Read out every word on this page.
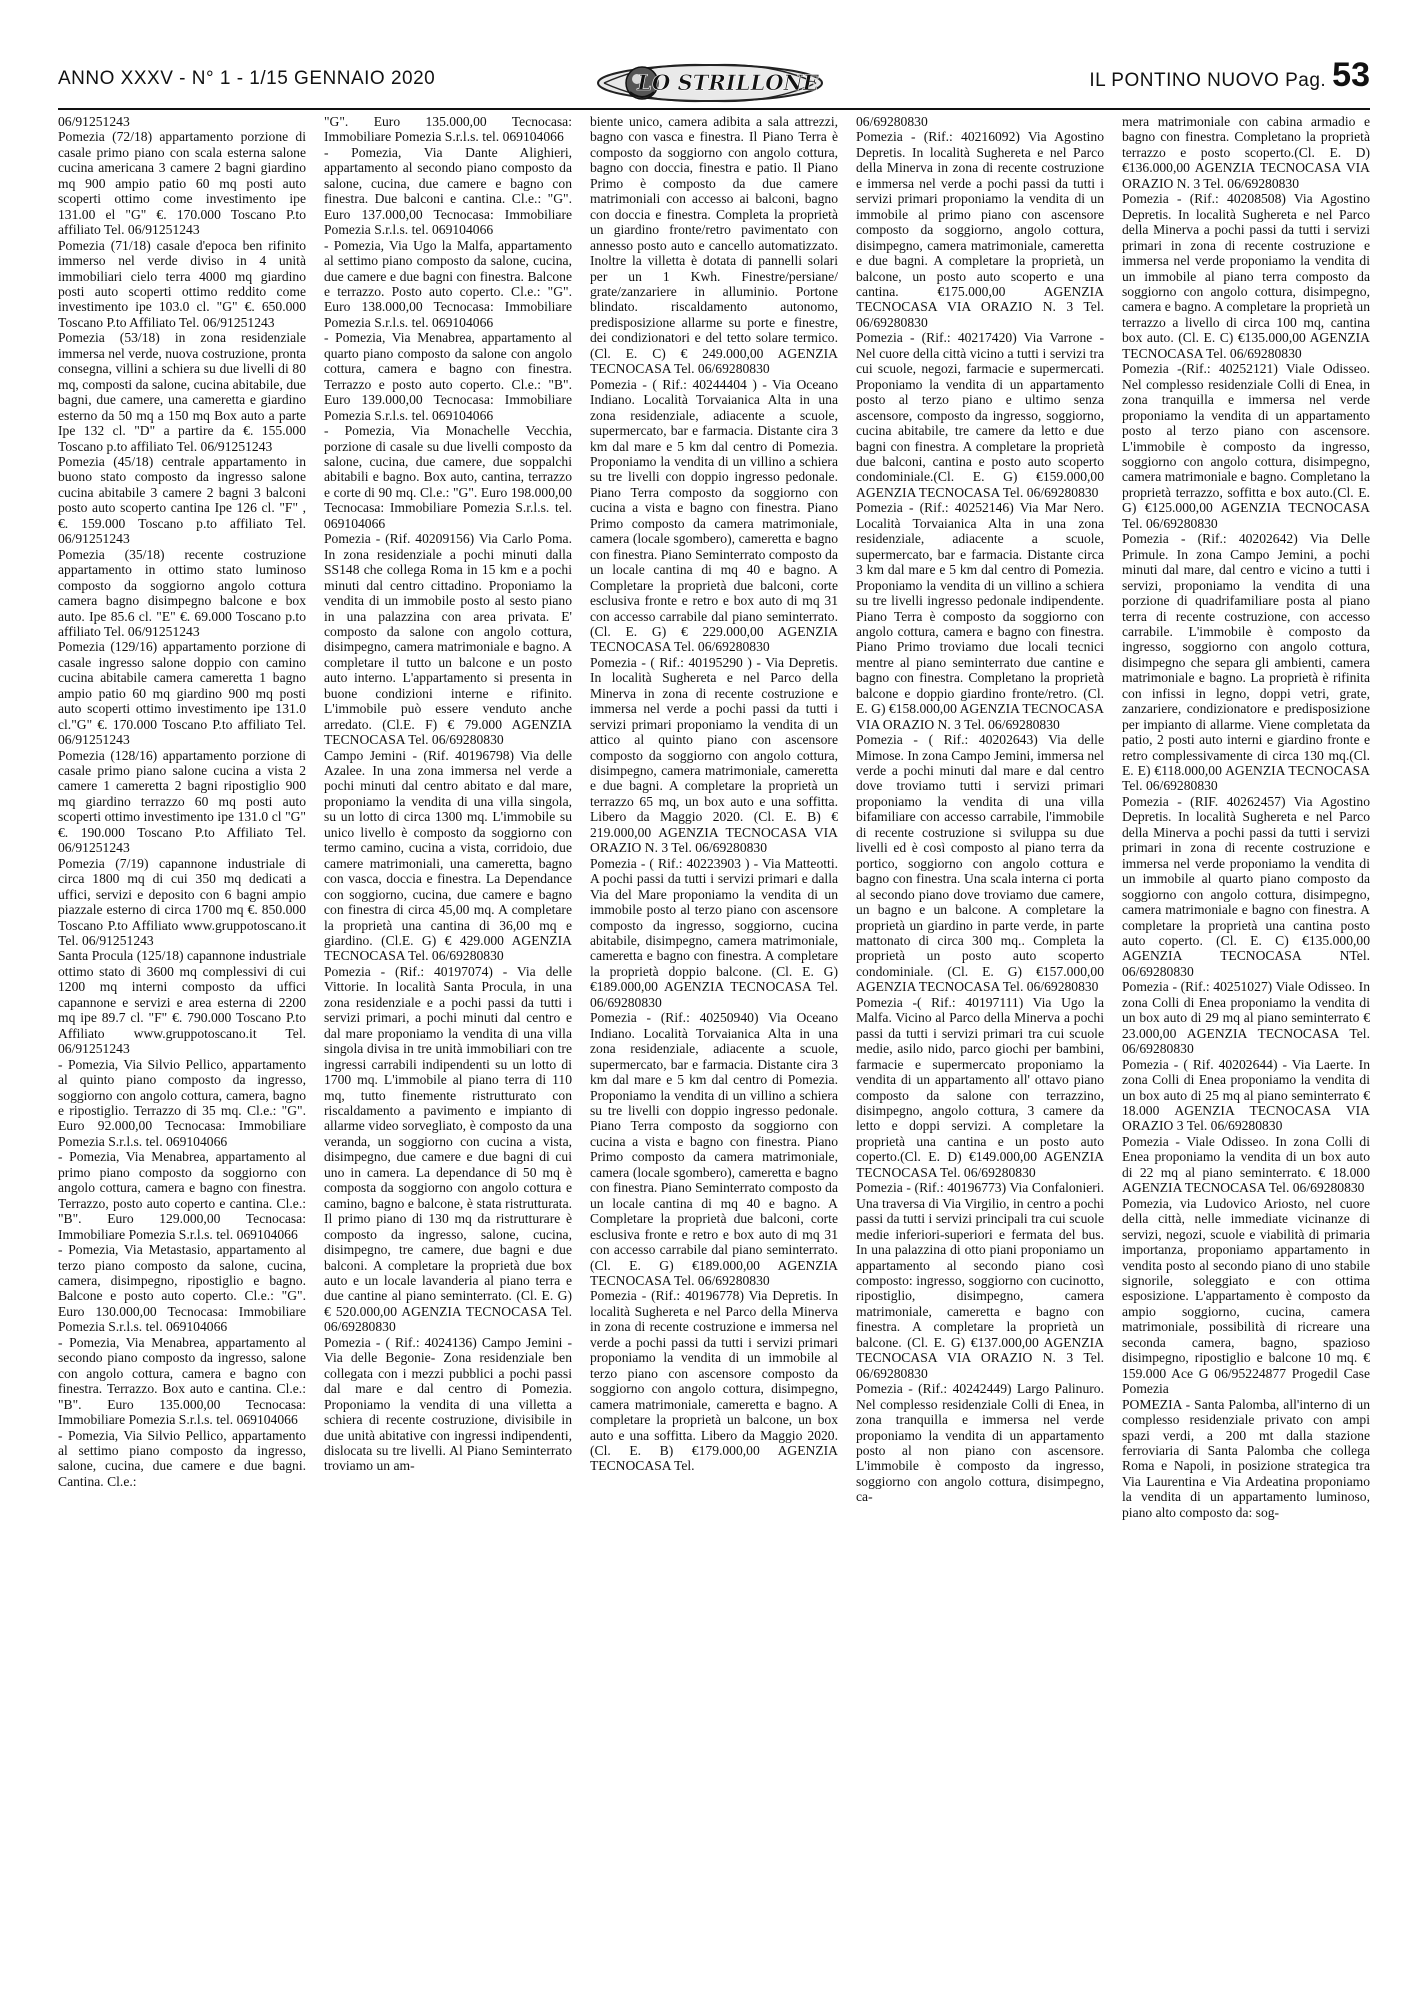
ANNO XXXV - N° 1 - 1/15 GENNAIO 2020	LO STRILLONE	IL PONTINO NUOVO Pag. 53

06/91251243

Pomezia (72/18) appartamento porzione di casale primo piano con scala esterna salone cucina americana 3 camere 2 bagni giardino mq 900 ampio patio 60 mq posti auto scoperti ottimo come investimento ipe 131.00 el "G" €. 170.000 Toscano P.to affiliato Tel. 06/91251243

Pomezia (71/18) casale d'epoca ben rifinito immerso nel verde diviso in 4 unità immobiliari cielo terra 4000 mq giardino posti auto scoperti ottimo reddito come investimento ipe 103.0 cl. "G" €. 650.000 Toscano P.to Affiliato Tel. 06/91251243

Pomezia (53/18) in zona residenziale immersa nel verde, nuova costruzione, pronta consegna, villini a schiera su due livelli di 80 mq, composti da salone, cucina abitabile, due bagni, due camere, una cameretta e giardino esterno da 50 mq a 150 mq Box auto a parte Ipe 132 cl. "D" a partire da €. 155.000 Toscano p.to affiliato Tel. 06/91251243

Pomezia (45/18) centrale appartamento in buono stato composto da ingresso salone cucina abitabile 3 camere 2 bagni 3 balconi posto auto scoperto cantina Ipe 126 cl. "F" ,€. 159.000 Toscano p.to affiliato Tel. 06/91251243

Pomezia (35/18) recente costruzione appartamento in ottimo stato luminoso composto da soggiorno angolo cottura camera bagno disimpegno balcone e box auto. Ipe 85.6 cl. "E" €. 69.000 Toscano p.to affiliato Tel. 06/91251243

Pomezia (129/16) appartamento porzione di casale ingresso salone doppio con camino cucina abitabile camera cameretta 1 bagno ampio patio 60 mq giardino 900 mq posti auto scoperti ottimo investimento ipe 131.0 cl."G" €. 170.000 Toscano P.to affiliato Tel. 06/91251243

Pomezia (128/16) appartamento porzione di casale primo piano salone cucina a vista 2 camere 1 cameretta 2 bagni ripostiglio 900 mq giardino terrazzo 60 mq posti auto scoperti ottimo investimento ipe 131.0 cl "G" €. 190.000 Toscano P.to Affiliato Tel. 06/91251243

Pomezia (7/19) capannone industriale di circa 1800 mq di cui 350 mq dedicati a uffici, servizi e deposito con 6 bagni ampio piazzale esterno di circa 1700 mq €. 850.000 Toscano P.to Affiliato www.gruppotoscano.it Tel. 06/91251243

Santa Procula (125/18) capannone industriale ottimo stato di 3600 mq complessivi di cui 1200 mq interni composto da uffici capannone e servizi e area esterna di 2200 mq ipe 89.7 cl. "F" €. 790.000 Toscano P.to Affiliato www.gruppotoscano.it Tel. 06/91251243

- Pomezia, Via Silvio Pellico, appartamento al quinto piano composto da ingresso, soggiorno con angolo cottura, camera, bagno e ripostiglio. Terrazzo di 35 mq. Cl.e.: "G". Euro 92.000,00 Tecnocasa: Immobiliare Pomezia S.r.l.s. tel. 069104066

- Pomezia, Via Menabrea, appartamento al primo piano composto da soggiorno con angolo cottura, camera e bagno con finestra. Terrazzo, posto auto coperto e cantina. Cl.e.: "B". Euro 129.000,00 Tecnocasa: Immobiliare Pomezia S.r.l.s. tel. 069104066

- Pomezia, Via Metastasio, appartamento al terzo piano composto da salone, cucina, camera, disimpegno, ripostiglio e bagno. Balcone e posto auto coperto. Cl.e.: "G". Euro 130.000,00 Tecnocasa: Immobiliare Pomezia S.r.l.s. tel. 069104066

- Pomezia, Via Menabrea, appartamento al secondo piano composto da ingresso, salone con angolo cottura, camera e bagno con finestra. Terrazzo. Box auto e cantina. Cl.e.: "B". Euro 135.000,00 Tecnocasa: Immobiliare Pomezia S.r.l.s. tel. 069104066

- Pomezia, Via Silvio Pellico, appartamento al settimo piano composto da ingresso, salone, cucina, due camere e due bagni. Cantina. Cl.e.:

"G". Euro 135.000,00 Tecnocasa: Immobiliare Pomezia S.r.l.s. tel. 069104066

- Pomezia, Via Dante Alighieri, appartamento al secondo piano composto da salone, cucina, due camere e bagno con finestra. Due balconi e cantina. Cl.e.: "G". Euro 137.000,00 Tecnocasa: Immobiliare Pomezia S.r.l.s. tel. 069104066

- Pomezia, Via Ugo la Malfa, appartamento al settimo piano composto da salone, cucina, due camere e due bagni con finestra. Balcone e terrazzo. Posto auto coperto. Cl.e.: "G". Euro 138.000,00 Tecnocasa: Immobiliare Pomezia S.r.l.s. tel. 069104066

- Pomezia, Via Menabrea, appartamento al quarto piano composto da salone con angolo cottura, camera e bagno con finestra. Terrazzo e posto auto coperto. Cl.e.: "B". Euro 139.000,00 Tecnocasa: Immobiliare Pomezia S.r.l.s. tel. 069104066

- Pomezia, Via Monachelle Vecchia, porzione di casale su due livelli composto da salone, cucina, due camere, due soppalchi abitabili e bagno. Box auto, cantina, terrazzo e corte di 90 mq. Cl.e.: "G". Euro 198.000,00 Tecnocasa: Immobiliare Pomezia S.r.l.s. tel. 069104066

Pomezia - (Rif. 40209156) Via Carlo Poma. In zona residenziale a pochi minuti dalla SS148 che collega Roma in 15 km e a pochi minuti dal centro cittadino. Proponiamo la vendita di un immobile posto al sesto piano in una palazzina con area privata. E' composto da salone con angolo cottura, disimpegno, camera matrimoniale e bagno. A completare il tutto un balcone e un posto auto interno. L'appartamento si presenta in buone condizioni interne e rifinito. L'immobile può essere venduto anche arredato. (Cl.E. F) € 79.000 AGENZIA TECNOCASA Tel. 06/69280830

Campo Jemini - (Rif. 40196798) Via delle Azalee. In una zona immersa nel verde a pochi minuti dal centro abitato e dal mare, proponiamo la vendita di una villa singola, su un lotto di circa 1300 mq. L'immobile su unico livello è composto da soggiorno con termo camino, cucina a vista, corridoio, due camere matrimoniali, una cameretta, bagno con vasca, doccia e finestra. La Dependance con soggiorno, cucina, due camere e bagno con finestra di circa 45,00 mq. A completare la proprietà una cantina di 36,00 mq e giardino. (Cl.E. G) € 429.000 AGENZIA TECNOCASA Tel. 06/69280830

Pomezia - (Rif.: 40197074) - Via delle Vittorie. In località Santa Procula, in una zona residenziale e a pochi passi da tutti i servizi primari, a pochi minuti dal centro e dal mare proponiamo la vendita di una villa singola divisa in tre unità immobiliari con tre ingressi carrabili indipendenti su un lotto di 1700 mq. L'immobile al piano terra di 110 mq, tutto finemente ristrutturato con riscaldamento a pavimento e impianto di allarme video sorvegliato, è composto da una veranda, un soggiorno con cucina a vista, disimpegno, due camere e due bagni di cui uno in camera. La dependance di 50 mq è composta da soggiorno con angolo cottura e camino, bagno e balcone, è stata ristrutturata. Il primo piano di 130 mq da ristrutturare è composto da ingresso, salone, cucina, disimpegno, tre camere, due bagni e due balconi. A completare la proprietà due box auto e un locale lavanderia al piano terra e due cantine al piano seminterrato. (Cl. E. G) € 520.000,00 AGENZIA TECNOCASA Tel. 06/69280830

Pomezia - ( Rif.: 4024136) Campo Jemini - Via delle Begonie- Zona residenziale ben collegata con i mezzi pubblici a pochi passi dal mare e dal centro di Pomezia. Proponiamo la vendita di una villetta a schiera di recente costruzione, divisibile in due unità abitative con ingressi indipendenti, dislocata su tre livelli. Al Piano Seminterrato troviamo un am-

biente unico, camera adibita a sala attrezzi, bagno con vasca e finestra. Il Piano Terra è composto da soggiorno con angolo cottura, bagno con doccia, finestra e patio. Il Piano Primo è composto da due camere matrimoniali con accesso ai balconi, bagno con doccia e finestra. Completa la proprietà un giardino fronte/retro pavimentato con annesso posto auto e cancello automatizzato. Inoltre la villetta è dotata di pannelli solari per un 1 Kwh. Finestre/persiane/ grate/zanzariere in alluminio. Portone blindato. riscaldamento autonomo, predisposizione allarme su porte e finestre, dei condizionatori e del tetto solare termico. (Cl. E. C) € 249.000,00 AGENZIA TECNOCASA Tel. 06/69280830

Pomezia - ( Rif.: 40244404 ) - Via Oceano Indiano. Località Torvaianica Alta in una zona residenziale, adiacente a scuole, supermercato, bar e farmacia. Distante cira 3 km dal mare e 5 km dal centro di Pomezia. Proponiamo la vendita di un villino a schiera su tre livelli con doppio ingresso pedonale. Piano Terra composto da soggiorno con cucina a vista e bagno con finestra. Piano Primo composto da camera matrimoniale, camera (locale sgombero), cameretta e bagno con finestra. Piano Seminterrato composto da un locale cantina di mq 40 e bagno. A Completare la proprietà due balconi, corte esclusiva fronte e retro e box auto di mq 31 con accesso carrabile dal piano seminterrato. (Cl. E. G) € 229.000,00 AGENZIA TECNOCASA Tel. 06/69280830

Pomezia - ( Rif.: 40195290 ) - Via Depretis. In località Sughereta e nel Parco della Minerva in zona di recente costruzione e immersa nel verde a pochi passi da tutti i servizi primari proponiamo la vendita di un attico al quinto piano con ascensore composto da soggiorno con angolo cottura, disimpegno, camera matrimoniale, cameretta e due bagni. A completare la proprietà un terrazzo 65 mq, un box auto e una soffitta. Libero da Maggio 2020. (Cl. E. B) € 219.000,00 AGENZIA TECNOCASA VIA ORAZIO N. 3 Tel. 06/69280830

Pomezia - ( Rif.: 40223903 ) - Via Matteotti. A pochi passi da tutti i servizi primari e dalla Via del Mare proponiamo la vendita di un immobile posto al terzo piano con ascensore composto da ingresso, soggiorno, cucina abitabile, disimpegno, camera matrimoniale, cameretta e bagno con finestra. A completare la proprietà doppio balcone. (Cl. E. G) €189.000,00 AGENZIA TECNOCASA Tel. 06/69280830

Pomezia - (Rif.: 40250940) Via Oceano Indiano. Località Torvaianica Alta in una zona residenziale, adiacente a scuole, supermercato, bar e farmacia. Distante cira 3 km dal mare e 5 km dal centro di Pomezia. Proponiamo la vendita di un villino a schiera su tre livelli con doppio ingresso pedonale. Piano Terra composto da soggiorno con cucina a vista e bagno con finestra. Piano Primo composto da camera matrimoniale, camera (locale sgombero), cameretta e bagno con finestra. Piano Seminterrato composto da un locale cantina di mq 40 e bagno. A Completare la proprietà due balconi, corte esclusiva fronte e retro e box auto di mq 31 con accesso carrabile dal piano seminterrato.(Cl. E. G) €189.000,00 AGENZIA TECNOCASA Tel. 06/69280830

Pomezia - (Rif.: 40196778) Via Depretis. In località Sughereta e nel Parco della Minerva in zona di recente costruzione e immersa nel verde a pochi passi da tutti i servizi primari proponiamo la vendita di un immobile al terzo piano con ascensore composto da soggiorno con angolo cottura, disimpegno, camera matrimoniale, cameretta e bagno. A completare la proprietà un balcone, un box auto e una soffitta. Libero da Maggio 2020.(Cl. E. B) €179.000,00 AGENZIA TECNOCASA Tel.

06/69280830

Pomezia - (Rif.: 40216092) Via Agostino Depretis. In località Sughereta e nel Parco della Minerva in zona di recente costruzione e immersa nel verde a pochi passi da tutti i servizi primari proponiamo la vendita di un immobile al primo piano con ascensore composto da soggiorno, angolo cottura, disimpegno, camera matrimoniale, cameretta e due bagni. A completare la proprietà, un balcone, un posto auto scoperto e una cantina. €175.000,00 AGENZIA TECNOCASA VIA ORAZIO N. 3 Tel. 06/69280830

Pomezia - (Rif.: 40217420) Via Varrone - Nel cuore della città vicino a tutti i servizi tra cui scuole, negozi, farmacie e supermercati. Proponiamo la vendita di un appartamento posto al terzo piano e ultimo senza ascensore, composto da ingresso, soggiorno, cucina abitabile, tre camere da letto e due bagni con finestra. A completare la proprietà due balconi, cantina e posto auto scoperto condominiale.(Cl. E. G) €159.000,00 AGENZIA TECNOCASA Tel. 06/69280830

Pomezia - (Rif.: 40252146) Via Mar Nero. Località Torvaianica Alta in una zona residenziale, adiacente a scuole, supermercato, bar e farmacia. Distante circa 3 km dal mare e 5 km dal centro di Pomezia. Proponiamo la vendita di un villino a schiera su tre livelli ingresso pedonale indipendente. Piano Terra è composto da soggiorno con angolo cottura, camera e bagno con finestra. Piano Primo troviamo due locali tecnici mentre al piano seminterrato due cantine e bagno con finestra. Completano la proprietà balcone e doppio giardino fronte/retro. (Cl. E. G) €158.000,00 AGENZIA TECNOCASA VIA ORAZIO N. 3 Tel. 06/69280830

Pomezia - ( Rif.: 40202643) Via delle Mimose. In zona Campo Jemini, immersa nel verde a pochi minuti dal mare e dal centro dove troviamo tutti i servizi primari proponiamo la vendita di una villa bifamiliare con accesso carrabile, l'immobile di recente costruzione si sviluppa su due livelli ed è così composto al piano terra da portico, soggiorno con angolo cottura e bagno con finestra. Una scala interna ci porta al secondo piano dove troviamo due camere, un bagno e un balcone. A completare la proprietà un giardino in parte verde, in parte mattonato di circa 300 mq.. Completa la proprietà un posto auto scoperto condominiale. (Cl. E. G) €157.000,00 AGENZIA TECNOCASA Tel. 06/69280830

Pomezia -( Rif.: 40197111) Via Ugo la Malfa. Vicino al Parco della Minerva a pochi passi da tutti i servizi primari tra cui scuole medie, asilo nido, parco giochi per bambini, farmacie e supermercato proponiamo la vendita di un appartamento all' ottavo piano composto da salone con terrazzino, disimpegno, angolo cottura, 3 camere da letto e doppi servizi. A completare la proprietà una cantina e un posto auto coperto.(Cl. E. D) €149.000,00 AGENZIA TECNOCASA Tel. 06/69280830

Pomezia - (Rif.: 40196773) Via Confalonieri. Una traversa di Via Virgilio, in centro a pochi passi da tutti i servizi principali tra cui scuole medie inferiori-superiori e fermata del bus. In una palazzina di otto piani proponiamo un appartamento al secondo piano così composto: ingresso, soggiorno con cucinotto, ripostiglio, disimpegno, camera matrimoniale, cameretta e bagno con finestra. A completare la proprietà un balcone. (Cl. E. G) €137.000,00 AGENZIA TECNOCASA VIA ORAZIO N. 3 Tel. 06/69280830

Pomezia - (Rif.: 40242449) Largo Palinuro. Nel complesso residenziale Colli di Enea, in zona tranquilla e immersa nel verde proponiamo la vendita di un appartamento posto al non piano con ascensore. L'immobile è composto da ingresso, soggiorno con angolo cottura, disimpegno, ca-

mera matrimoniale con cabina armadio e bagno con finestra. Completano la proprietà terrazzo e posto scoperto.(Cl. E. D) €136.000,00 AGENZIA TECNOCASA VIA ORAZIO N. 3 Tel. 06/69280830

Pomezia - (Rif.: 40208508) Via Agostino Depretis. In località Sughereta e nel Parco della Minerva a pochi passi da tutti i servizi primari in zona di recente costruzione e immersa nel verde proponiamo la vendita di un immobile al piano terra composto da soggiorno con angolo cottura, disimpegno, camera e bagno. A completare la proprietà un terrazzo a livello di circa 100 mq, cantina box auto. (Cl. E. C) €135.000,00 AGENZIA TECNOCASA Tel. 06/69280830

Pomezia -(Rif.: 40252121) Viale Odisseo. Nel complesso residenziale Colli di Enea, in zona tranquilla e immersa nel verde proponiamo la vendita di un appartamento posto al terzo piano con ascensore. L'immobile è composto da ingresso, soggiorno con angolo cottura, disimpegno, camera matrimoniale e bagno. Completano la proprietà terrazzo, soffitta e box auto.(Cl. E. G) €125.000,00 AGENZIA TECNOCASA Tel. 06/69280830

Pomezia - (Rif.: 40202642) Via Delle Primule. In zona Campo Jemini, a pochi minuti dal mare, dal centro e vicino a tutti i servizi, proponiamo la vendita di una porzione di quadrifamiliare posta al piano terra di recente costruzione, con accesso carrabile. L'immobile è composto da ingresso, soggiorno con angolo cottura, disimpegno che separa gli ambienti, camera matrimoniale e bagno. La proprietà è rifinita con infissi in legno, doppi vetri, grate, zanzariere, condizionatore e predisposizione per impianto di allarme. Viene completata da patio, 2 posti auto interni e giardino fronte e retro complessivamente di circa 130 mq.(Cl. E. E) €118.000,00 AGENZIA TECNOCASA Tel. 06/69280830

Pomezia - (RIF. 40262457) Via Agostino Depretis. In località Sughereta e nel Parco della Minerva a pochi passi da tutti i servizi primari in zona di recente costruzione e immersa nel verde proponiamo la vendita di un immobile al quarto piano composto da soggiorno con angolo cottura, disimpegno, camera matrimoniale e bagno con finestra. A completare la proprietà una cantina posto auto coperto. (Cl. E. C) €135.000,00 AGENZIA TECNOCASA NTel. 06/69280830

Pomezia - (Rif.: 40251027) Viale Odisseo. In zona Colli di Enea proponiamo la vendita di un box auto di 29 mq al piano seminterrato € 23.000,00 AGENZIA TECNOCASA Tel. 06/69280830

Pomezia - ( Rif. 40202644) - Via Laerte. In zona Colli di Enea proponiamo la vendita di un box auto di 25 mq al piano seminterrato € 18.000 AGENZIA TECNOCASA VIA ORAZIO 3 Tel. 06/69280830

Pomezia - Viale Odisseo. In zona Colli di Enea proponiamo la vendita di un box auto di 22 mq al piano seminterrato. € 18.000 AGENZIA TECNOCASA Tel. 06/69280830

Pomezia, via Ludovico Ariosto, nel cuore della città, nelle immediate vicinanze di servizi, negozi, scuole e viabilità di primaria importanza, proponiamo appartamento in vendita posto al secondo piano di uno stabile signorile, soleggiato e con ottima esposizione. L'appartamento è composto da ampio soggiorno, cucina, camera matrimoniale, possibilità di ricreare una seconda camera, bagno, spazioso disimpegno, ripostiglio e balcone 10 mq. € 159.000 Ace G 06/95224877 Progedil Case Pomezia

POMEZIA - Santa Palomba, all'interno di un complesso residenziale privato con ampi spazi verdi, a 200 mt dalla stazione ferroviaria di Santa Palomba che collega Roma e Napoli, in posizione strategica tra Via Laurentina e Via Ardeatina proponiamo la vendita di un appartamento luminoso, piano alto composto da: sog-
